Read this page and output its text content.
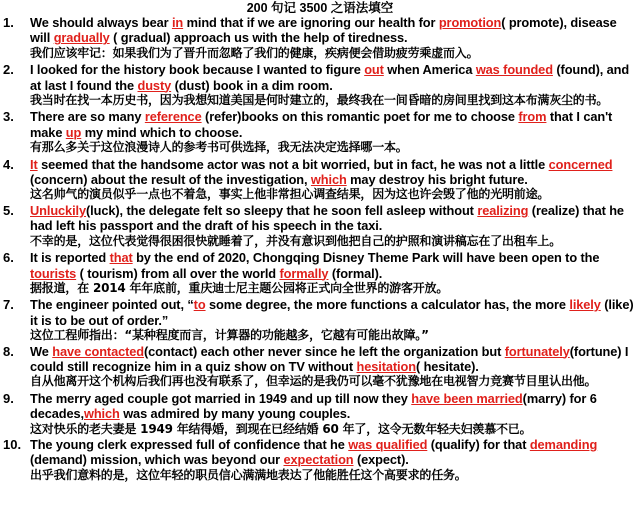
200 句记 3500 之语法填空
1. We should always bear in mind that if we are ignoring our health for promotion( promote), disease will gradually ( gradual) approach us with the help of tiredness.
我们应该牢记：如果我们为了晋升而忽略了我们的健康，疾病便会借助疲劳乘虚而入。
2. I looked for the history book because I wanted to figure out when America was founded (found), and at last I found the dusty (dust) book in a dim room.
我当时在找一本历史书，因为我想知道美国是何时建立的，最终我在一间昏暗的房间里找到这本布满灰尘的书。
3. There are so many reference (refer)books on this romantic poet for me to choose from that I can't make up my mind which to choose.
有那么多关于这位浪漫诗人的参考书可供选择，我无法决定选择哪一本。
4. It seemed that the handsome actor was not a bit worried, but in fact, he was not a little concerned (concern) about the result of the investigation, which may destroy his bright future.
这名帅气的演员似乎一点也不着急，事实上他非常担心调查结果，因为这也许会毁了他的光明前途。
5. Unluckily(luck), the delegate felt so sleepy that he soon fell asleep without realizing (realize) that he had left his passport and the draft of his speech in the taxi.
不幸的是，这位代表觉得很困很快就睡着了，并没有意识到他把自己的护照和演讲稿忘在了出租车上。
6. It is reported that by the end of 2020, Chongqing Disney Theme Park will have been open to the tourists ( tourism) from all over the world formally (formal).
据报道，在 2014 年年底前，重庆迪士尼主题公园将正式向全世界的游客开放。
7. The engineer pointed out, “to some degree, the more functions a calculator has, the more likely (like) it is to be out of order.”
这位工程师指出：“某种程度而言，计算器的功能越多，它越有可能出故障。”
8. We have contacted(contact) each other never since he left the organization but fortunately(fortune) I could still recognize him in a quiz show on TV without hesitation( hesitate).
自从他离开这个机构后我们再也没有联系了，但幸运的是我仍可以毫不犹豫地在电视智力竞赛节目里认出他。
9. The merry aged couple got married in 1949 and up till now they have been married(marry) for 6 decades,which was admired by many young couples.
这对快乐的老夫妻是 1949 年结得婚，到现在已经结婚 60 年了，这令无数年轻夫妇羡慕不已。
10. The young clerk expressed full of confidence that he was qualified (qualify) for that demanding (demand) mission, which was beyond our expectation (expect).
出乎我们意料的是，这位年轻的职员信心满满地表达了他能胜任这个高要求的任务。
